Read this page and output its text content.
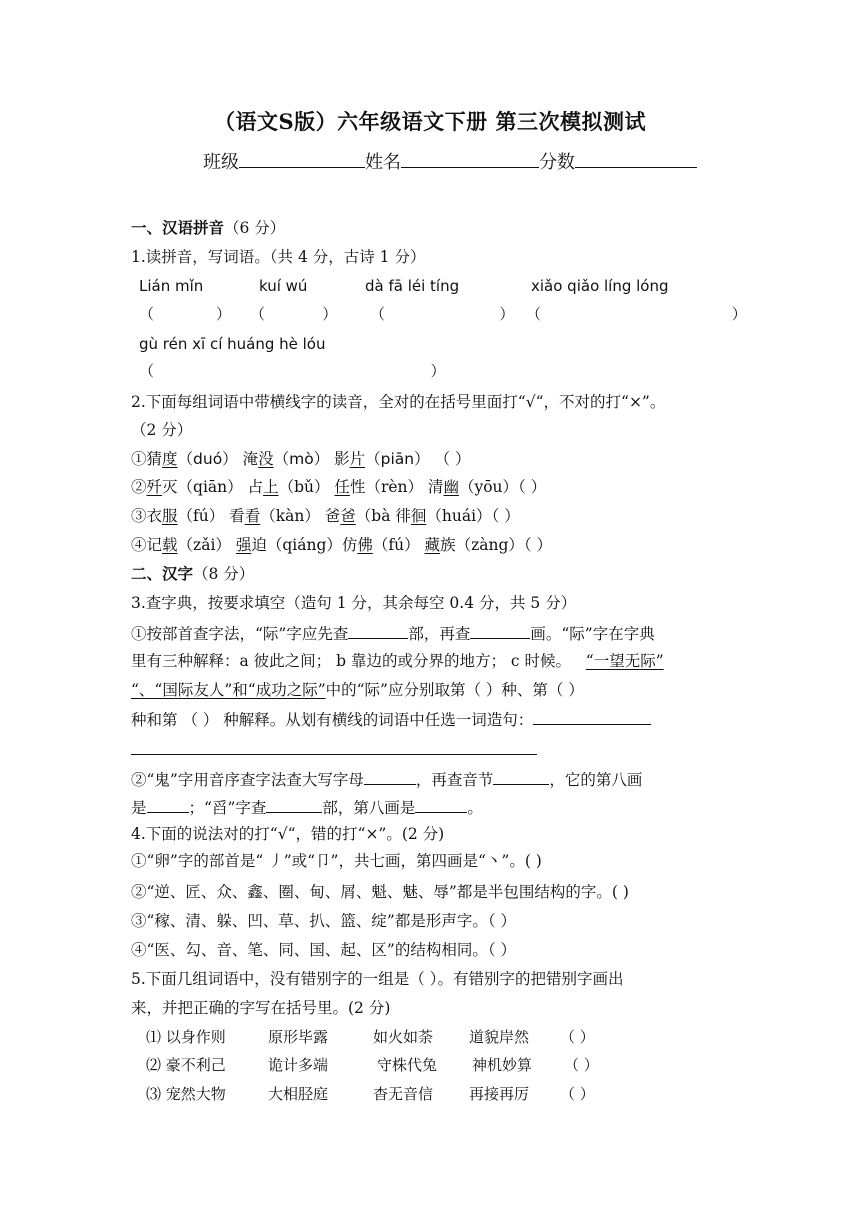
（语文S版）六年级语文下册 第三次模拟测试
班级	姓名	分数
一、汉语拼音（6 分）
1.读拼音，写词语。（共 4 分，古诗 1 分）
Lián mǐn	kuí wú	dà fā léi tíng	xiǎo qiǎo líng lóng
（             ） （            ） （                        ） （                                        ）
gù rén xī cí huáng hè lóu
（                                                          ）
2.下面每组词语中带横线字的读音，全对的在括号里面打“√“，不对的打“×”。
（2 分）
①猜度（duó） 淹没（mò） 影片（piān） （ ）
②歼灭（qiān） 占上（bǔ） 任性（rèn） 清幽（yōu）（ ）
③衣服（fú） 看看（kàn） 爸爸（bà 徘徊（huái）（ ）
④记载（zǎi） 强迫（qiáng）仿佛（fú） 藏族（zàng）（ ）
二、汉字（8 分）
3.查字典，按要求填空（造句 1 分，其余每空 0.4 分，共 5 分）
①按部首查字法，“际”字应先查	部，再查	画。“际”字在字典
里有三种解释：a 彼此之间； b 靠边的或分界的地方； c 时候。 “一望无际”
“、“国际友人”和“成功之际”中的“际”应分别取第（ ）种、第（ ）
种和第 （ ） 种解释。从划有横线的词语中任选一词造句：
②“鬼”字用音序查字法查大写字母	，再查音节	，它的第八画
是	；“舀”字查	部，第八画是	。
4.下面的说法对的打“√“，错的打“×”。(2 分)
①“卵”字的部首是“ 丿”或“卩”，共七画，第四画是“丶”。( )
②“逆、匠、众、鑫、圈、甸、屑、魁、魅、辱”都是半包围结构的字。( )
③“稼、清、躲、凹、草、扒、篮、绽”都是形声字。（ ）
④“医、勾、音、笔、同、国、起、区”的结构相同。（ ）
5.下面几组词语中，没有错别字的一组是（ ）。有错别字的把错别字画出
来，并把正确的字写在括号里。(2 分)
⑴ 以身作则	原形毕露	如火如荼 道貌岸然 （ ）
⑵ 豪不利己	诡计多端	守株代兔 神机妙算 （ ）
⑶ 宠然大物	大相胫庭	杳无音信 再接再厉 （ ）
